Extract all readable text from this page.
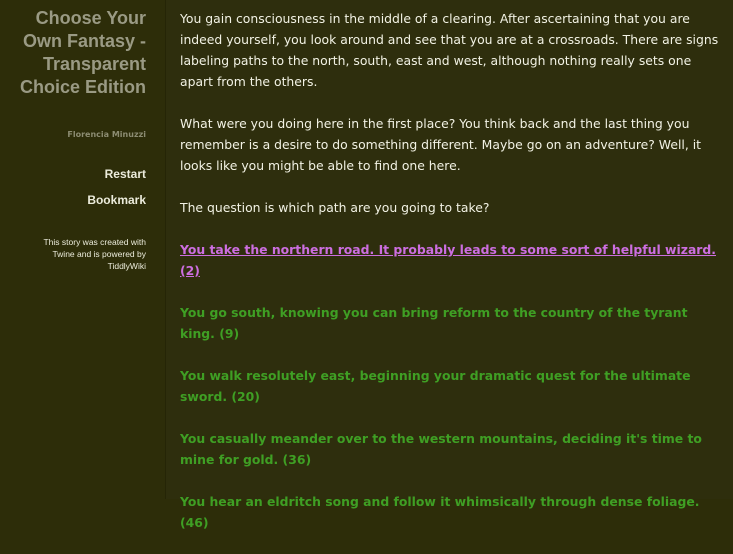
Choose Your Own Fantasy - Transparent Choice Edition
Florencia Minuzzi
Restart
Bookmark
This story was created with Twine and is powered by TiddlyWiki

You gain consciousness in the middle of a clearing. After ascertaining that you are indeed yourself, you look around and see that you are at a crossroads. There are signs labeling paths to the north, south, east and west, although nothing really sets one apart from the others.

What were you doing here in the first place? You think back and the last thing you remember is a desire to do something different. Maybe go on an adventure? Well, it looks like you might be able to find one here.

The question is which path are you going to take?

You take the northern road. It probably leads to some sort of helpful wizard. (2)
You go south, knowing you can bring reform to the country of the tyrant king. (9)
You walk resolutely east, beginning your dramatic quest for the ultimate sword. (20)
You casually meander over to the western mountains, deciding it's time to mine for gold. (36)
You hear an eldritch song and follow it whimsically through dense foliage. (46)
